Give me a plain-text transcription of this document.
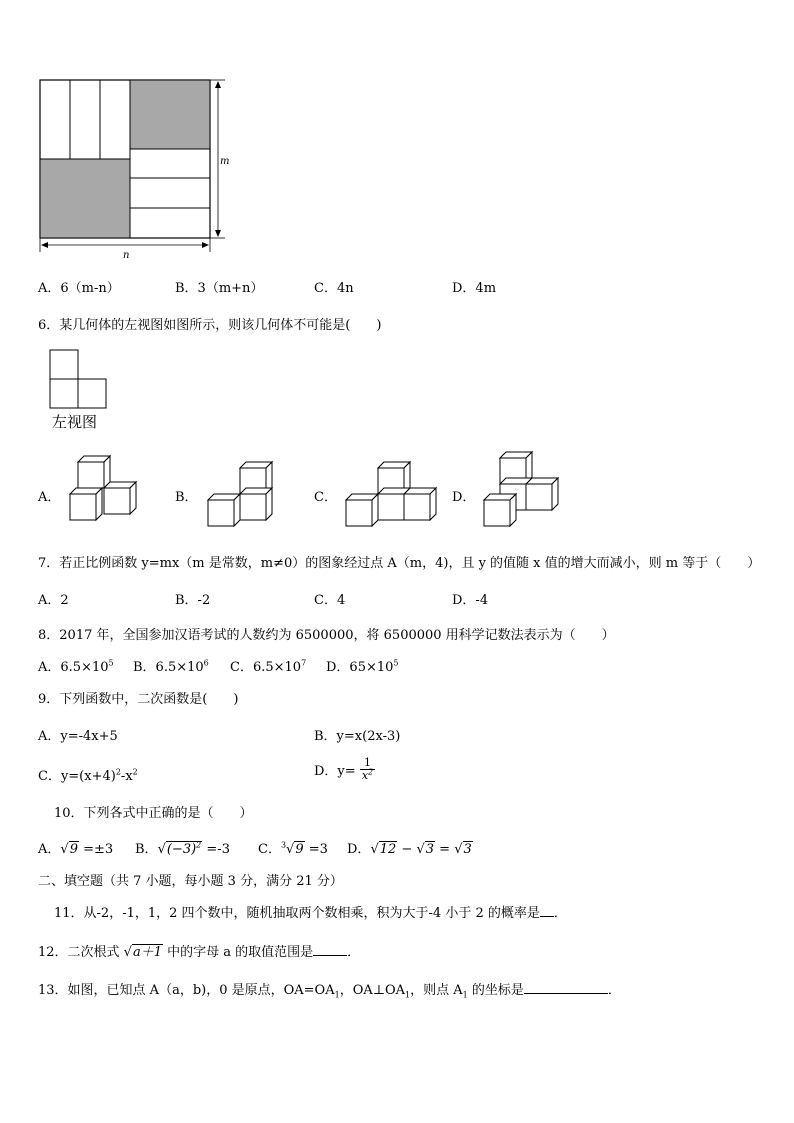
m
n
A．6（m-n）	B．3（m+n）	C．4n	D．4m
6．某几何体的左视图如图所示，则该几何体不可能是(　　)
左视图
A．	B．	C．	D．
7．若正比例函数 y=mx（m 是常数，m≠0）的图象经过点 A（m，4)，且 y 的值随 x 值的增大而减小，则 m 等于（　　）
A．2	B．-2	C．4	D．-4
8．2017 年，全国参加汉语考试的人数约为 6500000，将 6500000 用科学记数法表示为（　　）
A．$6.5\times 10^5$ B．$6.5\times 10^6$ C．$6.5\times 10^7$ D．$65\times 10^5$
9．下列函数中，二次函数是(　　)
A．y=-4x+5	B．y=x(2x-3)
C．$y=(x+4)^2-x^2$	D．$y= \frac{1}{x^2}$
10．下列各式中正确的是（　　）
A．√9 =±3 B．$√(-3)^2 =-3$ C．$^3$√9 =3 D．√12 − √3 = √3
二、填空题（共 7 小题，每小题 3 分，满分 21 分）
11．从-2，-1，1，2 四个数中，随机抽取两个数相乘，积为大于-4 小于 2 的概率是 ．
12．二次根式 √a＋1 中的字母 a 的取值范围是	．
13．如图，已知点 A（a，b)，0 是原点，$OA=OA_1$，$OA\perp OA_1$，则点 $A_1$ 的坐标是	．
